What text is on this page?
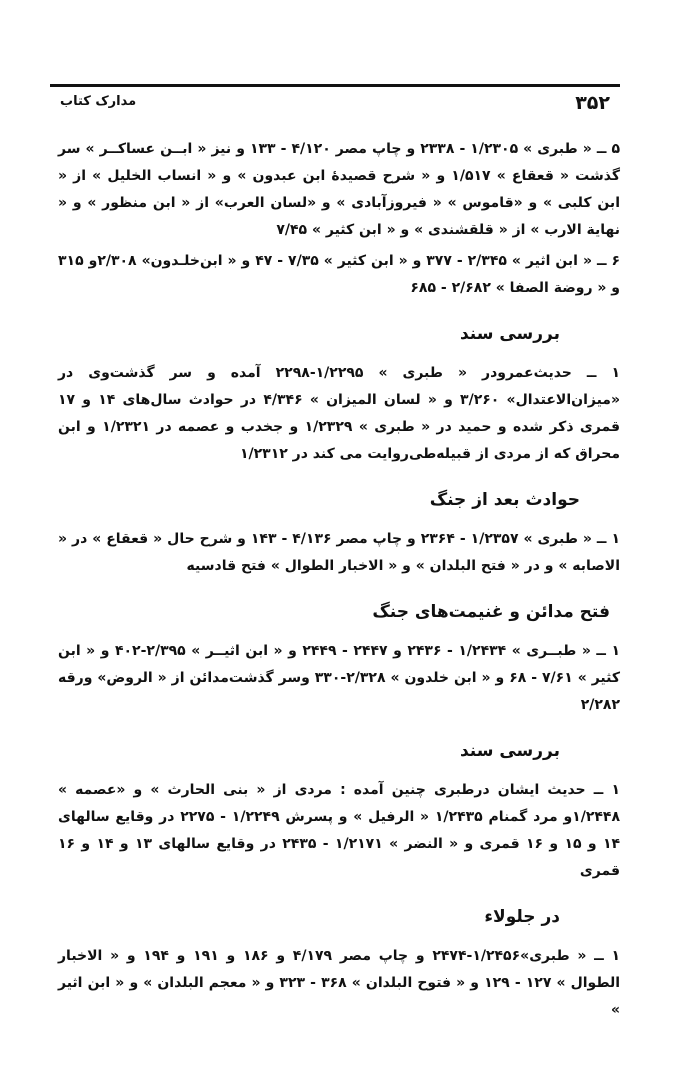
۳۵۲
مدارک کتاب

۵ ــ « طبری » ۱/۲۳۰۵ - ۲۳۳۸ و چاپ مصر ۴/۱۲۰ - ۱۳۳ و نیز « ابــن عساکــر » سر گذشت « قعقاع » ۱/۵۱۷ و « شرح قصیدهٔ ابن عبدون » و « انساب الخلیل » از « ابن کلبی » و «قاموس » « فیروزآبادی » و «لسان العرب» از « ابن منظور » و « نهایة الارب » از « قلقشندی » و « ابن کثیر » ۷/۴۵

۶ ــ « ابن اثیر » ۲/۳۴۵ - ۳۷۷ و « ابن کثیر » ۷/۳۵ - ۴۷ و « ابن‌خلـدون» ۲/۳۰۸و ۳۱۵ و « روضة الصفا » ۲/۶۸۲ - ۶۸۵

بررسی سند

۱ ــ حدیث‌عمرودر « طبری » ۱/۲۲۹۵-۲۲۹۸ آمده و سر گذشت‌وی در «میزان‌الاعتدال» ۳/۲۶۰ و « لسان المیزان » ۴/۳۴۶ در حوادث سال‌های ۱۴ و ۱۷ قمری ذکر شده و حمید در « طبری » ۱/۲۳۲۹ و جخدب و عصمه در ۱/۲۳۲۱ و ابن محراق که از مردی از قبیله‌طی‌روایت می کند در ۱/۲۳۱۲

حوادث بعد از جنگ

۱ ــ « طبری » ۱/۲۳۵۷ - ۲۳۶۴ و چاپ مصر ۴/۱۳۶ - ۱۴۳ و شرح حال « قعقاع » در « الاصابه » و در « فتح البلدان » و « الاخبار الطوال » فتح قادسیه

فتح مدائن و غنیمت‌های جنگ

۱ ــ « طبــری » ۱/۲۴۳۴ - ۲۴۳۶ و ۲۴۴۷ - ۲۴۴۹ و « ابن اثیــر » ۲/۳۹۵-۴۰۲ و « ابن کثیر » ۷/۶۱ - ۶۸ و « ابن خلدون » ۲/۳۲۸-۳۳۰ وسر گذشت‌مدائن از « الروض» ورقه ۲/۲۸۲

بررسی سند

۱ ــ حدیث ایشان درطبری چنین آمده : مردی از « بنی الحارث » و «عصمه » ۱/۲۴۴۸و مرد گمنام ۱/۲۴۳۵ « الرفیل » و پسرش ۱/۲۲۴۹ - ۲۲۷۵ در وقایع سالهای ۱۴ و ۱۵ و ۱۶ قمری و « النضر » ۱/۲۱۷۱ - ۲۴۳۵ در وقایع سالهای ۱۳ و ۱۴ و ۱۶ قمری

در جلولاء

۱ ــ « طبری»۱/۲۴۵۶-۲۴۷۴ و چاپ مصر ۴/۱۷۹ و ۱۸۶ و ۱۹۱ و ۱۹۴ و « الاخبار الطوال » ۱۲۷ - ۱۲۹ و « فتوح البلدان » ۳۶۸ - ۳۲۳ و « معجم البلدان » و « ابن اثیر »
